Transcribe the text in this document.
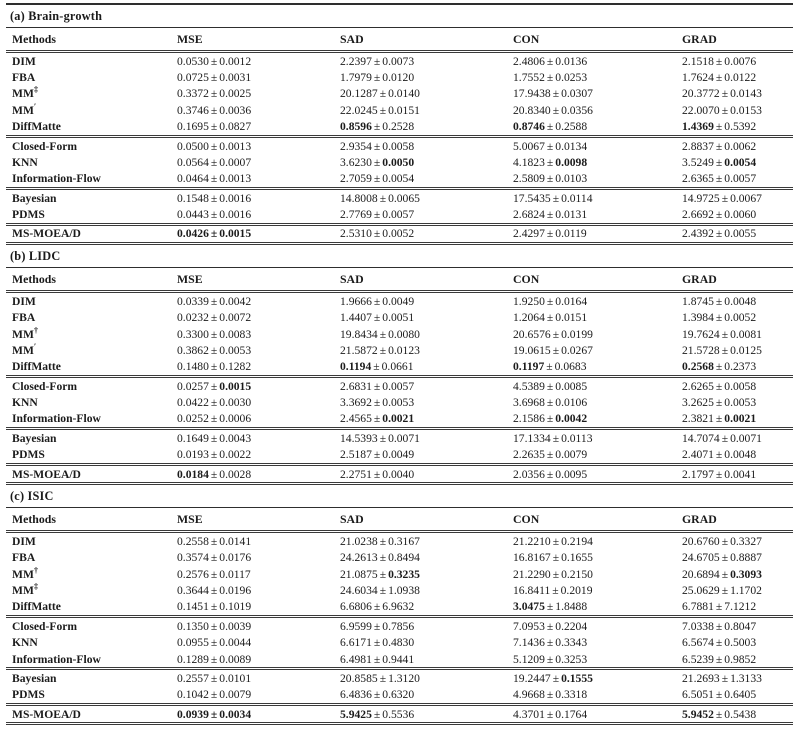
(a) Brain-growth
Methods	MSE	SAD	CON	GRAD
DIM	0.0530 ± 0.0012	2.2397 ± 0.0073	2.4806 ± 0.0136	2.1518 ± 0.0076
FBA	0.0725 ± 0.0031	1.7979 ± 0.0120	1.7552 ± 0.0253	1.7624 ± 0.0122
MM‡	0.3372 ± 0.0025	20.1287 ± 0.0140	17.9438 ± 0.0307	20.3772 ± 0.0143
MM′	0.3746 ± 0.0036	22.0245 ± 0.0151	20.8340 ± 0.0356	22.0070 ± 0.0153
DiffMatte	0.1695 ± 0.0827	0.8596 ± 0.2528	0.8746 ± 0.2588	1.4369 ± 0.5392
Closed-Form	0.0500 ± 0.0013	2.9354 ± 0.0058	5.0067 ± 0.0134	2.8837 ± 0.0062
KNN	0.0564 ± 0.0007	3.6230 ± 0.0050	4.1823 ± 0.0098	3.5249 ± 0.0054
Information-Flow	0.0464 ± 0.0013	2.7059 ± 0.0054	2.5809 ± 0.0103	2.6365 ± 0.0057
Bayesian	0.1548 ± 0.0016	14.8008 ± 0.0065	17.5435 ± 0.0114	14.9725 ± 0.0067
PDMS	0.0443 ± 0.0016	2.7769 ± 0.0057	2.6824 ± 0.0131	2.6692 ± 0.0060
MS-MOEA/D	0.0426 ± 0.0015	2.5310 ± 0.0052	2.4297 ± 0.0119	2.4392 ± 0.0055
(b) LIDC
Methods	MSE	SAD	CON	GRAD
DIM	0.0339 ± 0.0042	1.9666 ± 0.0049	1.9250 ± 0.0164	1.8745 ± 0.0048
FBA	0.0232 ± 0.0072	1.4407 ± 0.0051	1.2064 ± 0.0151	1.3984 ± 0.0052
MM†	0.3300 ± 0.0083	19.8434 ± 0.0080	20.6576 ± 0.0199	19.7624 ± 0.0081
MM′	0.3862 ± 0.0053	21.5872 ± 0.0123	19.0615 ± 0.0267	21.5728 ± 0.0125
DiffMatte	0.1480 ± 0.1282	0.1194 ± 0.0661	0.1197 ± 0.0683	0.2568 ± 0.2373
Closed-Form	0.0257 ± 0.0015	2.6831 ± 0.0057	4.5389 ± 0.0085	2.6265 ± 0.0058
KNN	0.0422 ± 0.0030	3.3692 ± 0.0053	3.6968 ± 0.0106	3.2625 ± 0.0053
Information-Flow	0.0252 ± 0.0006	2.4565 ± 0.0021	2.1586 ± 0.0042	2.3821 ± 0.0021
Bayesian	0.1649 ± 0.0043	14.5393 ± 0.0071	17.1334 ± 0.0113	14.7074 ± 0.0071
PDMS	0.0193 ± 0.0022	2.5187 ± 0.0049	2.2635 ± 0.0079	2.4071 ± 0.0048
MS-MOEA/D	0.0184 ± 0.0028	2.2751 ± 0.0040	2.0356 ± 0.0095	2.1797 ± 0.0041
(c) ISIC
Methods	MSE	SAD	CON	GRAD
DIM	0.2558 ± 0.0141	21.0238 ± 0.3167	21.2210 ± 0.2194	20.6760 ± 0.3327
FBA	0.3574 ± 0.0176	24.2613 ± 0.8494	16.8167 ± 0.1655	24.6705 ± 0.8887
MM†	0.2576 ± 0.0117	21.0875 ± 0.3235	21.2290 ± 0.2150	20.6894 ± 0.3093
MM‡	0.3644 ± 0.0196	24.6034 ± 1.0938	16.8411 ± 0.2019	25.0629 ± 1.1702
DiffMatte	0.1451 ± 0.1019	6.6806 ± 6.9632	3.0475 ± 1.8488	6.7881 ± 7.1212
Closed-Form	0.1350 ± 0.0039	6.9599 ± 0.7856	7.0953 ± 0.2204	7.0338 ± 0.8047
KNN	0.0955 ± 0.0044	6.6171 ± 0.4830	7.1436 ± 0.3343	6.5674 ± 0.5003
Information-Flow	0.1289 ± 0.0089	6.4981 ± 0.9441	5.1209 ± 0.3253	6.5239 ± 0.9852
Bayesian	0.2557 ± 0.0101	20.8585 ± 1.3120	19.2447 ± 0.1555	21.2693 ± 1.3133
PDMS	0.1042 ± 0.0079	6.4836 ± 0.6320	4.9668 ± 0.3318	6.5051 ± 0.6405
MS-MOEA/D	0.0939 ± 0.0034	5.9425 ± 0.5536	4.3701 ± 0.1764	5.9452 ± 0.5438
